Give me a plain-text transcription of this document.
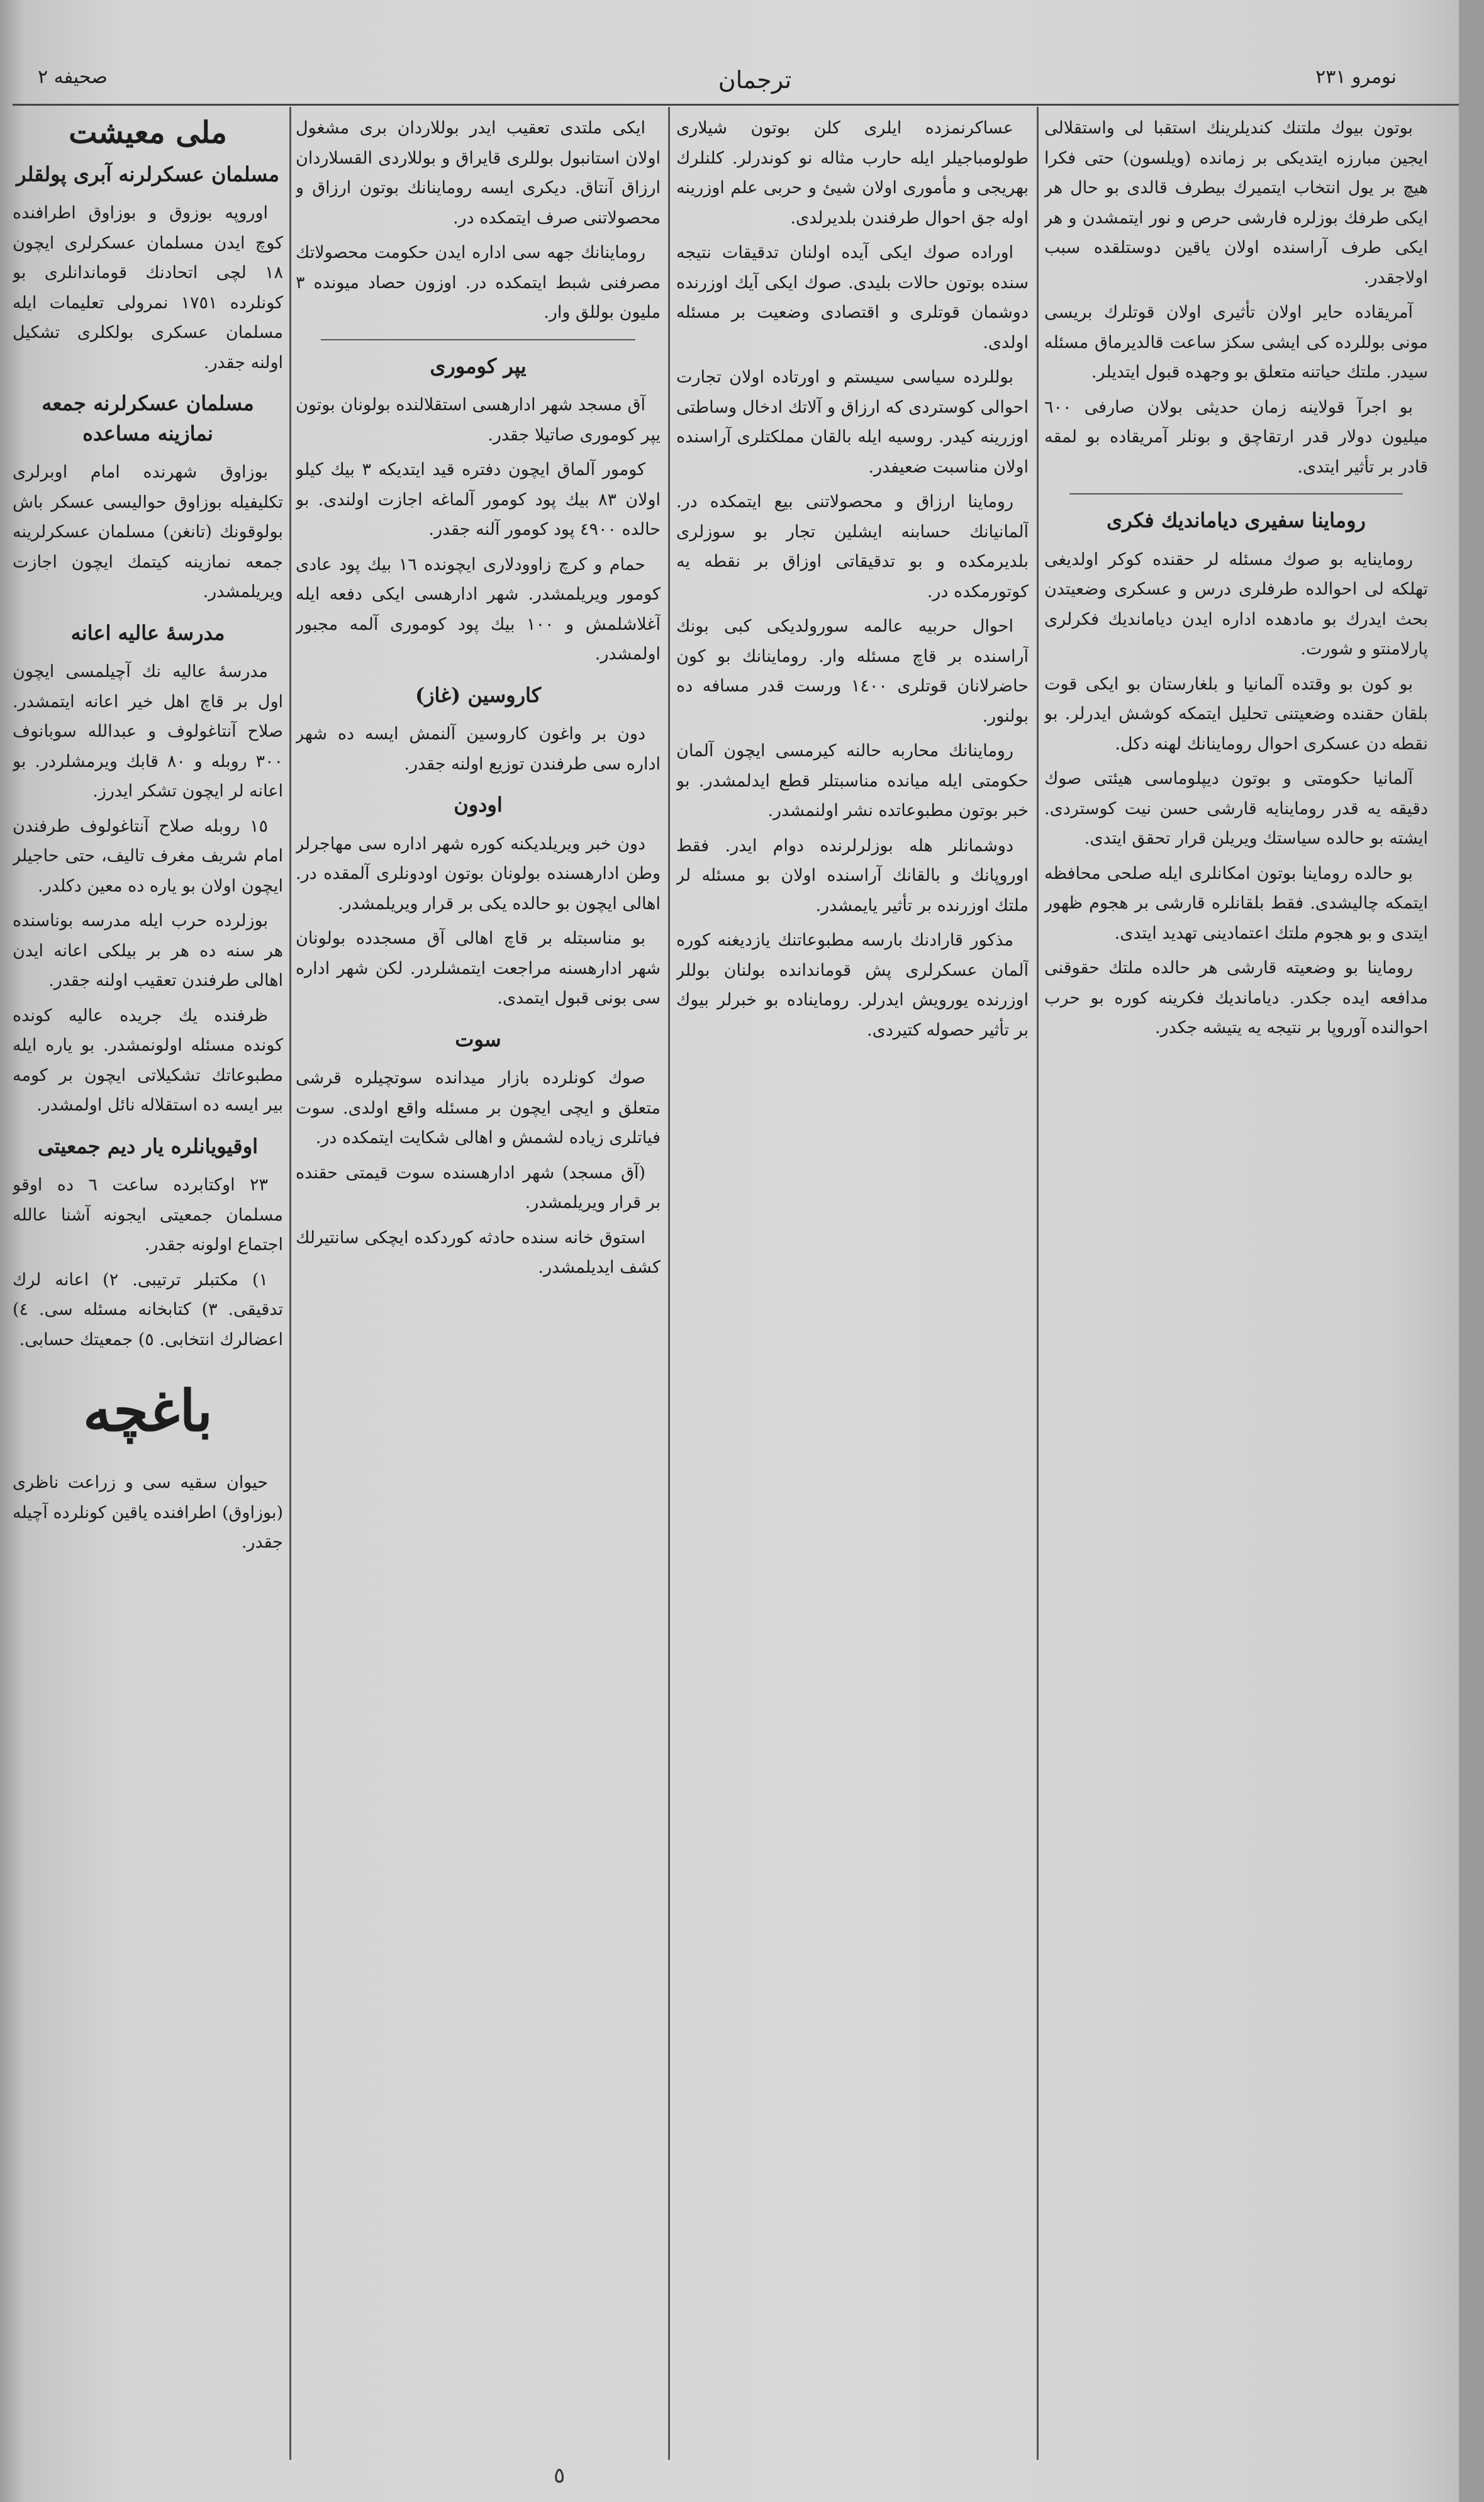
صحيفه ٢	ترجمان	نومرو ٢٣١

بوتون بيوك ملتنك كنديلرينك استقبا لى واستقلالى ايجين مبارزه ايتديكى بر زمانده (ويلسون) حتى فكرا هيچ بر يول انتخاب ايتميرك بيطرف قالدى بو حال هر ايكى طرفك بوزلره فارشى حرص و نور ايتمشدن و هر ايكى طرف آراسنده اولان ياقين دوستلقده سبب اولاجقدر.

آمريقاده حاير اولان تأثيرى اولان قوتلرك بريسى مونى بوللرده كى ايشى سكز ساعت قالديرماق مسئله سيدر. ملتك حياتنه متعلق بو وجهده قبول ايتديلر.

بو اجرآ قولاينه زمان حديثى بولان صارفى ٦٠٠ ميليون دولار قدر ارتقاچق و بونلر آمريقاده بو لمقه قادر بر تأثير ايتدى.

روماينا سفيرى ديامانديك فكرى

روماينايه بو صوك مسئله لر حقنده كوكر اولديغى تهلكه لى احوالده طرفلرى درس و عسكرى وضعيتدن بحث ايدرك بو مادهده اداره ايدن ديامانديك فكرلرى پارلامنتو و شورت.

بو كون بو وقتده آلمانيا و بلغارستان بو ايكى قوت بلقان حقنده وضعيتنى تحليل ايتمكه كوشش ايدرلر. بو نقطه دن عسكرى احوال روماينانك لهنه دكل.

آلمانيا حكومتى و بوتون ديپلوماسى هيئتى صوك دقيقه يه قدر روماينايه قارشى حسن نيت كوستردى. ايشته بو حالده سياستك ويريلن قرار تحقق ايتدى.

بو حالده روماينا بوتون امكانلرى ايله صلحى محافظه ايتمكه چاليشدى. فقط بلقانلره قارشى بر هجوم ظهور ايتدى و بو هجوم ملتك اعتمادينى تهديد ايتدى.

روماينا بو وضعيته قارشى هر حالده ملتك حقوقنى مدافعه ايده جكدر. ديامانديك فكرينه كوره بو حرب احوالنده آوروپا بر نتيجه يه يتيشه جكدر.

عساكرنمزده ايلرى كلن بوتون شيلارى طولومباجيلر ايله حارب مثاله نو كوندرلر. كلنلرك بهريجى و مأمورى اولان شيئ و حربى علم اوزرينه اوله جق احوال طرفندن بلديرلدى.

اوراده صوك ايكى آيده اولنان تدقيقات نتيجه سنده بوتون حالات بليدى. صوك ايكى آيك اوزرنده دوشمان قوتلرى و اقتصادى وضعيت بر مسئله اولدى.

بوللرده سياسى سيستم و اورتاده اولان تجارت احوالى كوستردى كه ارزاق و آلاتك ادخال وساطتى اوزرينه كيدر. روسيه ايله بالقان مملكتلرى آراسنده اولان مناسبت ضعيفدر.

روماينا ارزاق و محصولاتنى بيع ايتمكده در. آلمانيانك حسابنه ايشلين تجار بو سوزلرى بلديرمكده و بو تدقيقاتى اوزاق بر نقطه يه كوتورمكده در.

احوال حربيه عالمه سورولديكى كبى بونك آراسنده بر قاچ مسئله وار. روماينانك بو كون حاضرلانان قوتلرى ١٤٠٠ ورست قدر مسافه ده بولنور.

روماينانك محاربه حالنه كيرمسى ايچون آلمان حكومتى ايله ميانده مناسبتلر قطع ايدلمشدر. بو خبر بوتون مطبوعاتده نشر اولنمشدر.

دوشمانلر هله بوزلرلرنده دوام ايدر. فقط اوروپانك و بالقانك آراسنده اولان بو مسئله لر ملتك اوزرنده بر تأثير يايمشدر.

مذكور قارادنك بارسه مطبوعاتنك يازديغنه كوره آلمان عسكرلرى پش قوماندانده بولنان بوللر اوزرنده يورويش ايدرلر. رومايناده بو خبرلر بيوك بر تأثير حصوله كتيردى.

ايكى ملتدى تعقيب ايدر بوللاردان برى مشغول اولان استانبول بوللرى قايراق و بوللاردى القسلاردان ارزاق آنتاق. ديكرى ايسه روماينانك بوتون ارزاق و محصولاتنى صرف ايتمكده در.

روماينانك جهه سى اداره ايدن حكومت محصولاتك مصرفنى شبط ايتمكده در. اوزون حصاد ميونده ٣ مليون بوللق وار.

يپر كومورى

آق مسجد شهر ادارهسى استقلالنده بولونان بوتون يپر كوموری صاتيلا جقدر.

كومور آلماق ايچون دفتره قيد ايتديكه ٣ بيك كيلو اولان ٨٣ بيك پود كومور آلماغه اجازت اولندى. بو حالده ٤٩٠٠ پود كومور آلنه جقدر.

حمام و كرچ زاوودلارى ايچونده ١٦ بيك پود عادى كومور ويريلمشدر. شهر ادارهسى ايكى دفعه ايله آغلاشلمش و ١٠٠ بيك پود كومورى آلمه مجبور اولمشدر.

كاروسين (غاز)

دون بر واغون كاروسين آلنمش ايسه ده شهر اداره سى طرفندن توزيع اولنه جقدر.

اودون

دون خبر ويريلديكنه كوره شهر اداره سى مهاجرلر وطن ادارهسنده بولونان بوتون اودونلرى آلمقده در. اهالى ايچون بو حالده يكى بر قرار ويريلمشدر.

بو مناسبتله بر قاچ اهالى آق مسجدده بولونان شهر ادارهسنه مراجعت ايتمشلردر. لكن شهر اداره سى بونى قبول ايتمدى.

سوت

صوك كونلرده بازار ميدانده سوتچيلره قرشى متعلق و ايچى ايچون بر مسئله واقع اولدى. سوت فياتلرى زياده لشمش و اهالى شكايت ايتمكده در.

(آق مسجد) شهر ادارهسنده سوت قيمتى حقنده بر قرار ويريلمشدر.

استوق خانه سنده حادثه كوردكده ايچكى سانتيرلك كشف ايديلمشدر.

ملى معيشت
مسلمان عسكرلرنه آبرى پولقلر

اوروپه بوزوق و بوزاوق اطرافنده كوچ ايدن مسلمان عسكرلرى ايچون ١٨ لچى اتحادنك قوماندانلرى بو كونلرده ١٧٥١ نمرولى تعليمات ايله مسلمان عسكرى بولكلرى تشكيل اولنه جقدر.

مسلمان عسكرلرنه جمعه نمازينه مساعده

بوزاوق شهرنده امام اوبرلرى تكليفيله بوزاوق حواليسى عسكر باش بولوقونك (تانغن) مسلمان عسكرلرينه جمعه نمازينه كيتمك ايچون اجازت ويريلمشدر.

مدرسهٔ عاليه اعانه

مدرسهٔ عاليه نك آچيلمسى ايچون اول بر قاچ اهل خير اعانه ايتمشدر. صلاح آنتاغولوف و عبدالله سوبانوف ٣٠٠ روبله و ٨٠ قابك ويرمشلردر. بو اعانه لر ايچون تشكر ايدرز.

١٥ روبله صلاح آنتاغولوف طرفندن امام شريف مغرف تاليف، حتى حاجيلر ايچون اولان بو ياره ده معين دكلدر.

بوزلرده حرب ايله مدرسه بوناسنده هر سنه ده هر بر بيلكى اعانه ايدن اهالى طرفندن تعقيب اولنه جقدر.

ظرفنده يك جريده عاليه كونده كونده مسئله اولونمشدر. بو ياره ايله مطبوعاتك تشكيلاتى ايچون بر كومه بير ايسه ده استقلاله نائل اولمشدر.

اوقيويانلره يار ديم جمعيتى

٢٣ اوكتابرده ساعت ٦ ده اوقو مسلمان جمعيتى ايجونه آشنا عالله اجتماع اولونه جقدر.

١) مكتبلر ترتيبى. ٢) اعانه لرك تدقيقى. ٣) كتابخانه مسئله سى. ٤) اعضالرك انتخابى. ٥) جمعيتك حسابى.

باغچه

حيوان سقيه سى و زراعت ناظرى (بوزاوق) اطرافنده ياقين كونلرده آچيله جقدر.

٥
